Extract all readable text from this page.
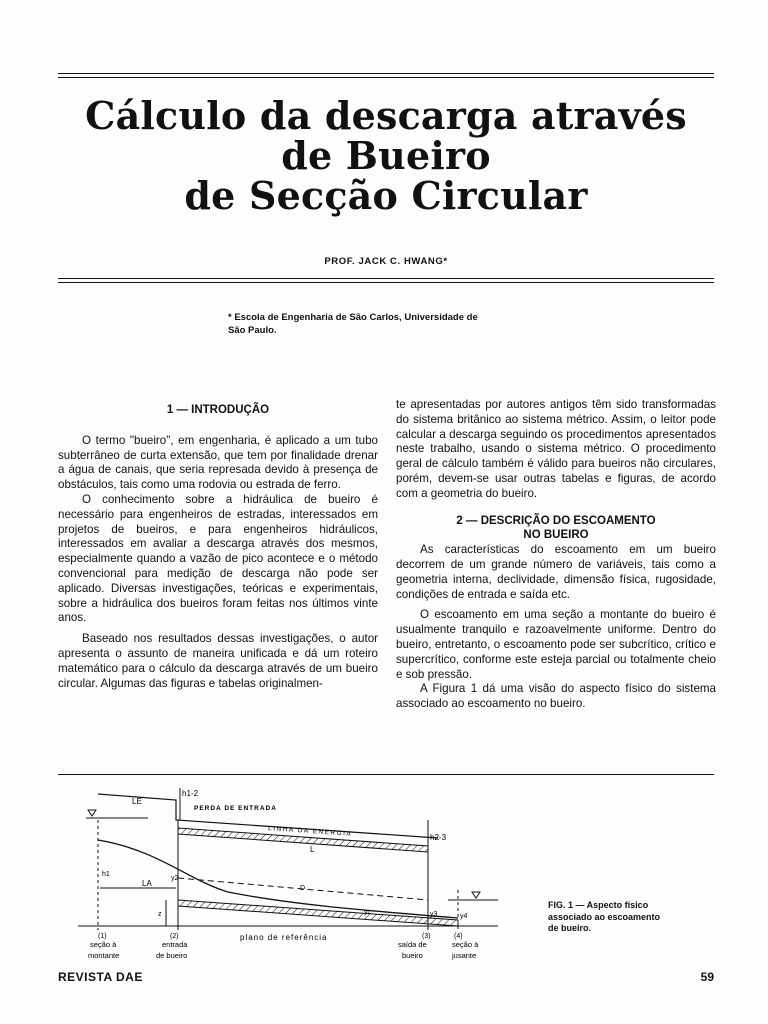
Cálculo da descarga através
de Bueiro
de Secção Circular
PROF. JACK C. HWANG*
* Escola de Engenharia de São Carlos, Universidade de
São Paulo.
1 — INTRODUÇÃO

O termo "bueiro", em engenharia, é aplicado a um tubo subterrâneo de curta extensão, que tem por finalidade drenar a água de canais, que seria represada devido à presença de obstáculos, tais como uma rodovia ou estrada de ferro.

O conhecimento sobre a hidráulica de bueiro é necessário para engenheiros de estradas, interessados em projetos de bueiros, e para engenheiros hidráulicos, interessados em avaliar a descarga através dos mesmos, especialmente quando a vazão de pico acontece e o método convencional para medição de descarga não pode ser aplicado. Diversas investigações, teóricas e experimentais, sobre a hidráulica dos bueiros foram feitas nos últimos vinte anos.

Baseado nos resultados dessas investigações, o autor apresenta o assunto de maneira unificada e dá um roteiro matemático para o cálculo da descarga através de um bueiro circular. Algumas das figuras e tabelas originalmen-

te apresentadas por autores antigos têm sido transformadas do sistema britânico ao sistema métrico. Assim, o leitor pode calcular a descarga seguindo os procedimentos apresentados neste trabalho, usando o sistema métrico. O procedimento geral de cálculo também é válido para bueiros não circulares, porém, devem-se usar outras tabelas e figuras, de acordo com a geometria do bueiro.

2 — DESCRIÇÃO DO ESCOAMENTO
NO BUEIRO

As características do escoamento em um bueiro decorrem de um grande número de variáveis, tais como a geometria interna, declividade, dimensão física, rugosidade, condições de entrada e saída etc.

O escoamento em uma seção a montante do bueiro é usualmente tranquilo e razoavelmente uniforme. Dentro do bueiro, entretanto, o escoamento pode ser subcrítico, crítico e supercrítico, conforme este esteja parcial ou totalmente cheio e sob pressão.

A Figura 1 dá uma visão do aspecto físico do sistema associado ao escoamento no bueiro.

h1-2
LE
PERDA DE ENTRADA
LINHA DA ENERGIA	h2-3
h1
y2
LA
L
D
yc	y3	y4
z
plano de referência
(1)
seção à
montante
(2)
entrada
de bueiro
(3)
saída de
bueiro
(4)
seção à
jusante
FIG. 1 — Aspecto físico
associado ao escoamento
de bueiro.
REVISTA DAE	59
